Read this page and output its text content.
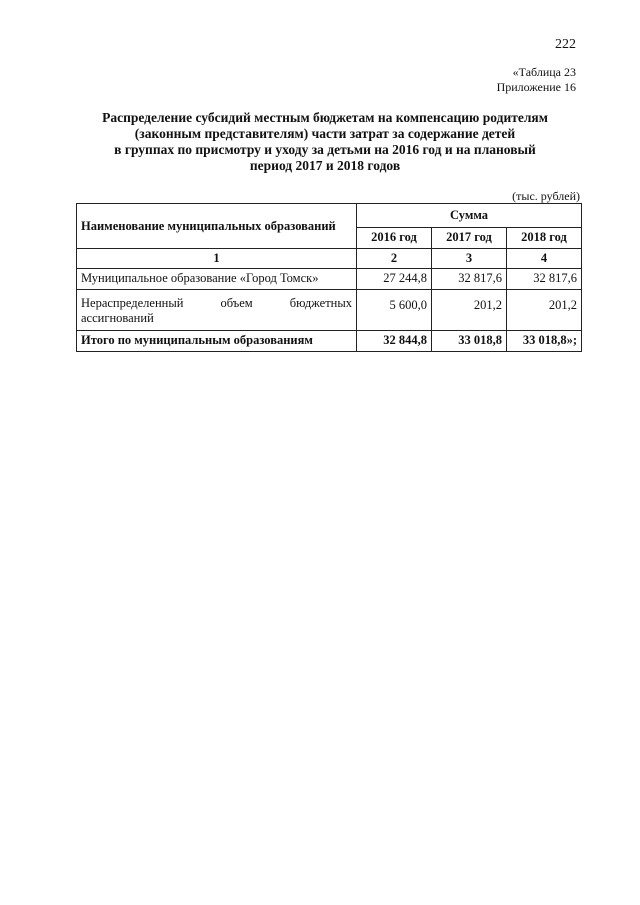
222
«Таблица 23
Приложение 16
Распределение субсидий местным бюджетам на компенсацию родителям
(законным представителям) части затрат за содержание детей
в группах по присмотру и уходу за детьми на 2016 год и на плановый
период 2017 и 2018 годов
(тыс. рублей)
Наименование муниципальных образований	Сумма		
	2016 год	2017 год	2018 год
1	2	3	4
Муниципальное образование «Город Томск»	27 244,8	32 817,6	32 817,6
Нераспределенный объем бюджетных ассигнований	5 600,0	201,2	201,2
Итого по муниципальным образованиям	32 844,8	33 018,8	33 018,8»;
